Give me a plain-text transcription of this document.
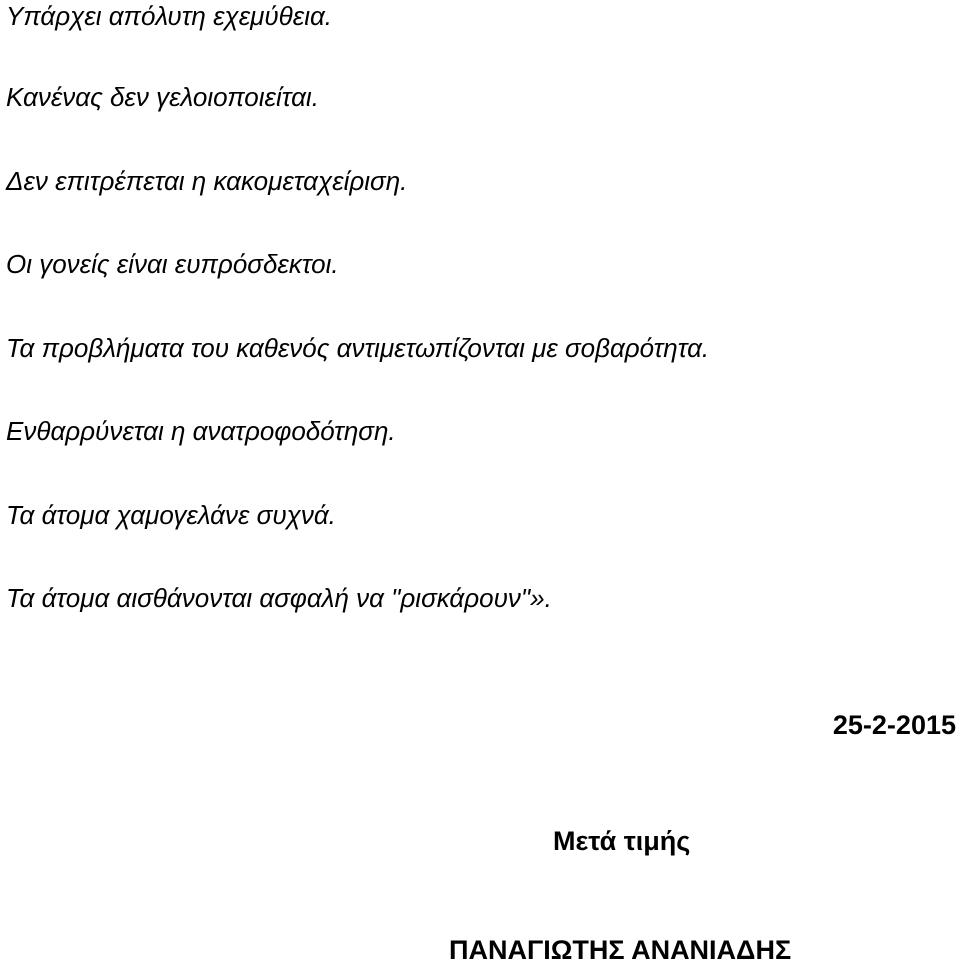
Υπάρχει απόλυτη εχεμύθεια.

Κανένας δεν γελοιοποιείται.

Δεν επιτρέπεται η κακομεταχείριση.

Οι γονείς είναι ευπρόσδεκτοι.

Τα προβλήματα του καθενός αντιμετωπίζονται με σοβαρότητα.

Ενθαρρύνεται η ανατροφοδότηση.

Τα άτομα χαμογελάνε συχνά.

Τα άτομα αισθάνονται ασφαλή να "ρισκάρουν"».

25-2-2015

Μετά τιμής

ΠΑΝΑΓΙΩΤΗΣ ΑΝΑΝΙΑΔΗΣ
